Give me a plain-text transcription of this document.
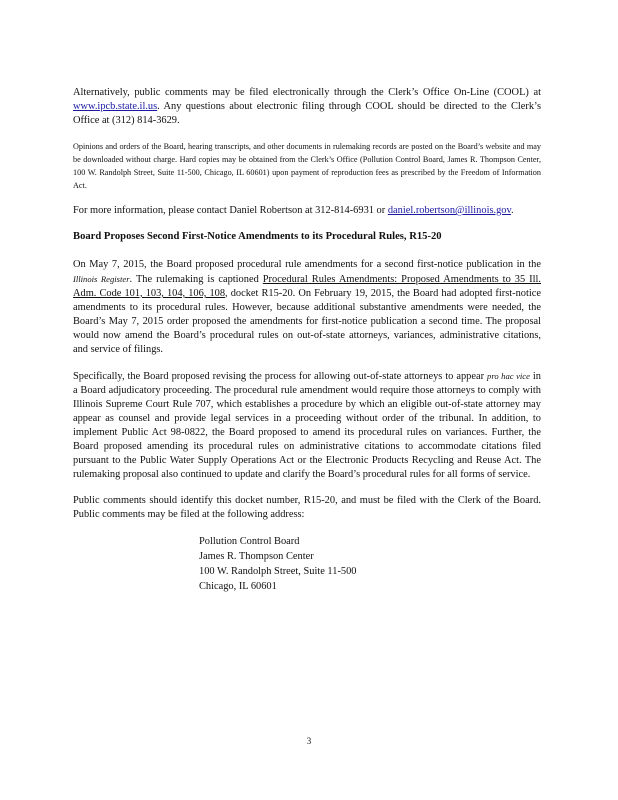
Alternatively, public comments may be filed electronically through the Clerk’s Office On-Line (COOL) at www.ipcb.state.il.us. Any questions about electronic filing through COOL should be directed to the Clerk’s Office at (312) 814-3629.

Opinions and orders of the Board, hearing transcripts, and other documents in rulemaking records are posted on the Board’s website and may be downloaded without charge. Hard copies may be obtained from the Clerk’s Office (Pollution Control Board, James R. Thompson Center, 100 W. Randolph Street, Suite 11-500, Chicago, IL 60601) upon payment of reproduction fees as prescribed by the Freedom of Information Act.

For more information, please contact Daniel Robertson at 312-814-6931 or daniel.robertson@illinois.gov.

Board Proposes Second First-Notice Amendments to its Procedural Rules, R15-20

On May 7, 2015, the Board proposed procedural rule amendments for a second first-notice publication in the Illinois Register. The rulemaking is captioned Procedural Rules Amendments: Proposed Amendments to 35 Ill. Adm. Code 101, 103, 104, 106, 108, docket R15-20. On February 19, 2015, the Board had adopted first-notice amendments to its procedural rules. However, because additional substantive amendments were needed, the Board’s May 7, 2015 order proposed the amendments for first-notice publication a second time. The proposal would now amend the Board’s procedural rules on out-of-state attorneys, variances, administrative citations, and service of filings.

Specifically, the Board proposed revising the process for allowing out-of-state attorneys to appear pro hac vice in a Board adjudicatory proceeding. The procedural rule amendment would require those attorneys to comply with Illinois Supreme Court Rule 707, which establishes a procedure by which an eligible out-of-state attorney may appear as counsel and provide legal services in a proceeding without order of the tribunal. In addition, to implement Public Act 98-0822, the Board proposed to amend its procedural rules on variances. Further, the Board proposed amending its procedural rules on administrative citations to accommodate citations filed pursuant to the Public Water Supply Operations Act or the Electronic Products Recycling and Reuse Act. The rulemaking proposal also continued to update and clarify the Board’s procedural rules for all forms of service.

Public comments should identify this docket number, R15-20, and must be filed with the Clerk of the Board. Public comments may be filed at the following address:

Pollution Control Board
James R. Thompson Center
100 W. Randolph Street, Suite 11-500
Chicago, IL 60601
3
